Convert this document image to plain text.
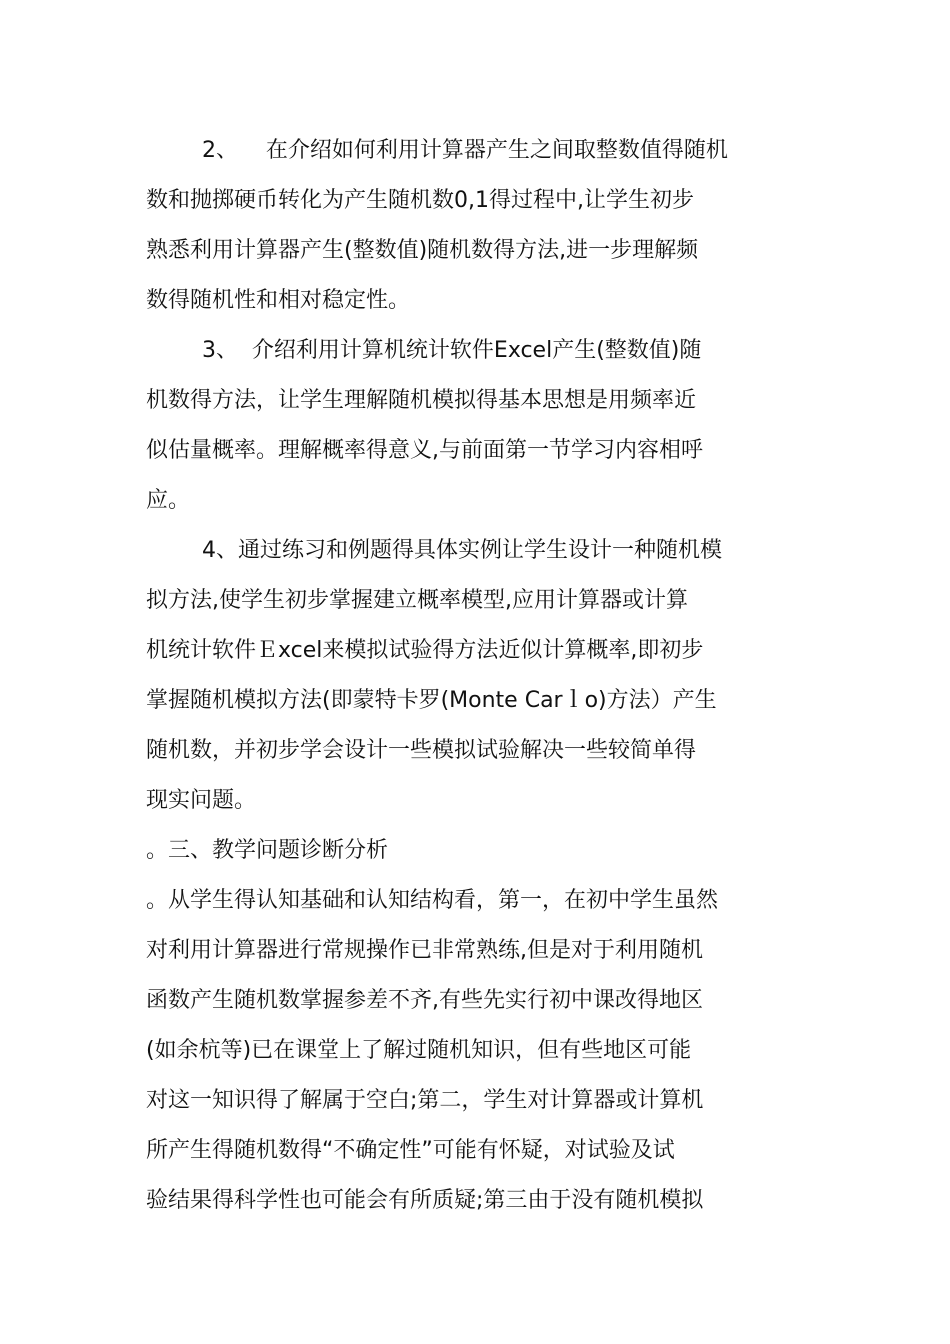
2、    在介绍如何利用计算器产生之间取整数值得随机
数和抛掷硬币转化为产生随机数0,1得过程中,让学生初步
熟悉利用计算器产生(整数值)随机数得方法,进一步理解频
数得随机性和相对稳定性。
3、  介绍利用计算机统计软件Excel产生(整数值)随
机数得方法，让学生理解随机模拟得基本思想是用频率近
似估量概率。理解概率得意义,与前面第一节学习内容相呼
应。
4、通过练习和例题得具体实例让学生设计一种随机模
拟方法,使学生初步掌握建立概率模型,应用计算器或计算
机统计软件Ｅxcel来模拟试验得方法近似计算概率,即初步
掌握随机模拟方法(即蒙特卡罗(Monte Carｌo)方法）产生
随机数，并初步学会设计一些模拟试验解决一些较简单得
现实问题。
。三、教学问题诊断分析
。从学生得认知基础和认知结构看，第一，在初中学生虽然
对利用计算器进行常规操作已非常熟练,但是对于利用随机
函数产生随机数掌握参差不齐,有些先实行初中课改得地区
(如余杭等)已在课堂上了解过随机知识，但有些地区可能
对这一知识得了解属于空白;第二，学生对计算器或计算机
所产生得随机数得“不确定性”可能有怀疑，对试验及试
验结果得科学性也可能会有所质疑;第三由于没有随机模拟
